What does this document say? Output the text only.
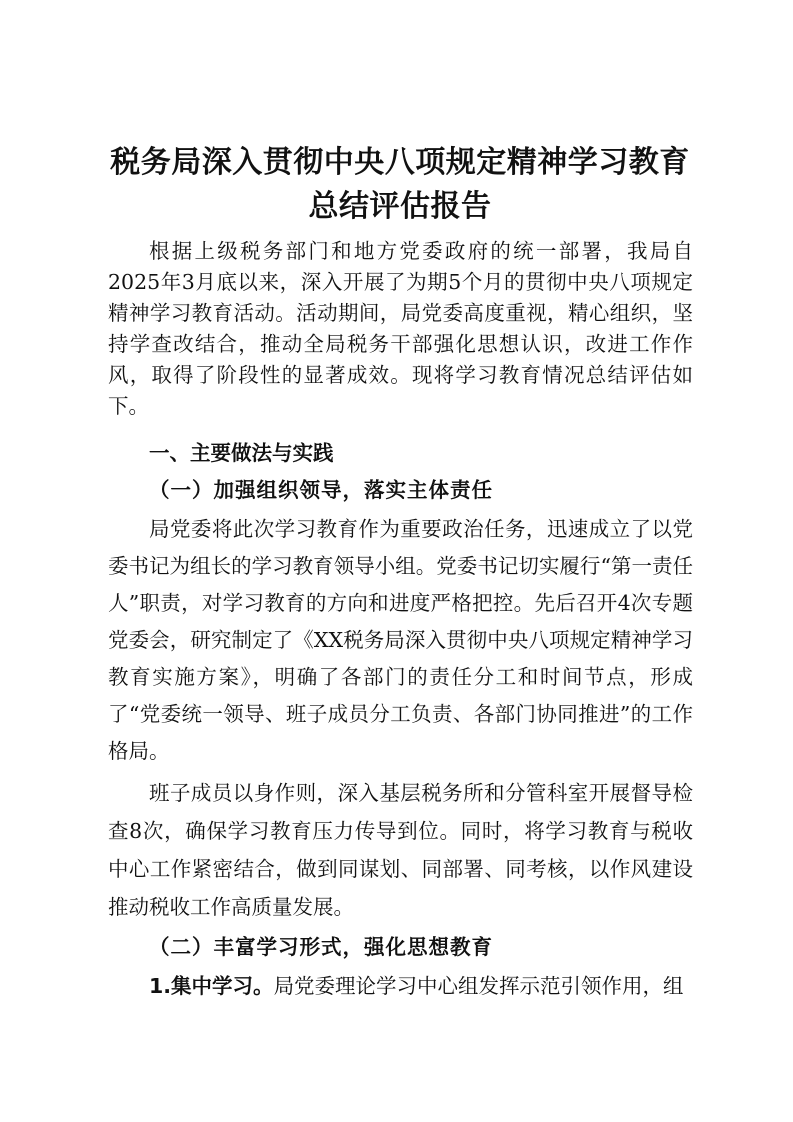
税务局深入贯彻中央八项规定精神学习教育总结评估报告

根据上级税务部门和地方党委政府的统一部署，我局自2025年3月底以来，深入开展了为期5个月的贯彻中央八项规定精神学习教育活动。活动期间，局党委高度重视，精心组织，坚持学查改结合，推动全局税务干部强化思想认识，改进工作作风，取得了阶段性的显著成效。现将学习教育情况总结评估如下。

一、主要做法与实践

（一）加强组织领导，落实主体责任

局党委将此次学习教育作为重要政治任务，迅速成立了以党委书记为组长的学习教育领导小组。党委书记切实履行“第一责任人”职责，对学习教育的方向和进度严格把控。先后召开4次专题党委会，研究制定了《XX税务局深入贯彻中央八项规定精神学习教育实施方案》，明确了各部门的责任分工和时间节点，形成了“党委统一领导、班子成员分工负责、各部门协同推进”的工作格局。

班子成员以身作则，深入基层税务所和分管科室开展督导检查8次，确保学习教育压力传导到位。同时，将学习教育与税收中心工作紧密结合，做到同谋划、同部署、同考核，以作风建设推动税收工作高质量发展。

（二）丰富学习形式，强化思想教育

1.集中学习。局党委理论学习中心组发挥示范引领作用，组
